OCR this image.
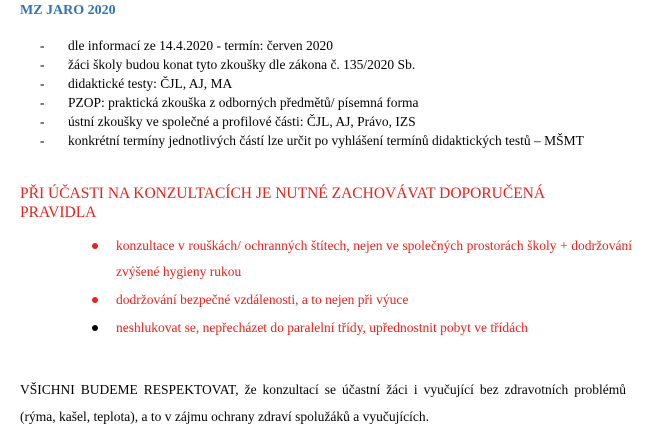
MZ JARO 2020
- dle informací ze 14.4.2020 - termín: červen 2020
- žáci školy budou konat tyto zkoušky dle zákona č. 135/2020 Sb.
- didaktické testy: ČJL, AJ, MA
- PZOP: praktická zkouška z odborných předmětů/ písemná forma
- ústní zkoušky ve společné a profilové části: ČJL, AJ, Právo, IZS
- konkrétní termíny jednotlivých částí lze určit po vyhlášení termínů didaktických testů – MŠMT

PŘI ÚČASTI NA KONZULTACÍCH JE NUTNÉ ZACHOVÁVAT DOPORUČENÁ PRAVIDLA

konzultace v rouškách/ ochranných štítech, nejen ve společných prostorách školy + dodržování zvýšené hygieny rukou
dodržování bezpečné vzdálenosti, a to nejen při výuce
neshlukovat se, nepřecházet do paralelní třídy, upřednostnit pobyt ve třídách

VŠICHNI BUDEME RESPEKTOVAT, že konzultací se účastní žáci i vyučující bez zdravotních problémů (rýma, kašel, teplota), a to v zájmu ochrany zdraví spolužáků a vyučujících.
